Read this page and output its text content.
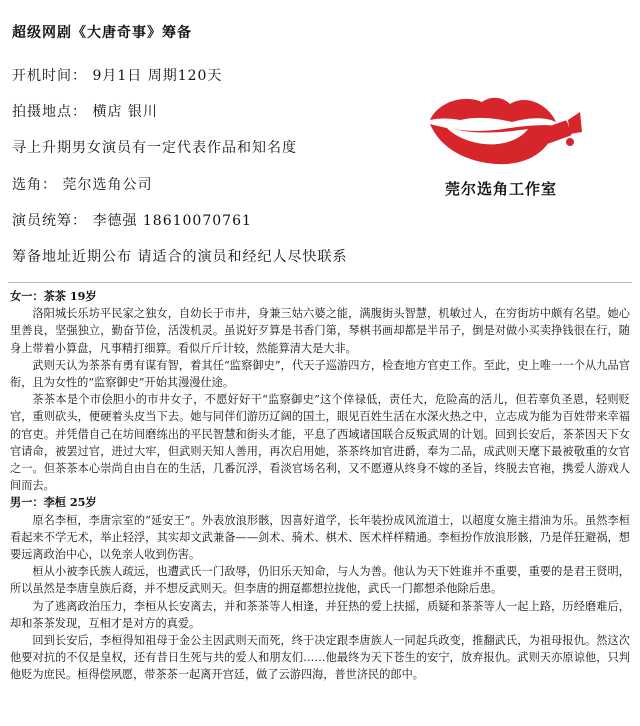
超级网剧《大唐奇事》筹备
开机时间： 9月1日 周期120天
拍摄地点： 横店 银川
寻上升期男女演员有一定代表作品和知名度
选角： 莞尔选角公司
演员统筹： 李德强 18610070761
筹备地址近期公布 请适合的演员和经纪人尽快联系
莞尔选角工作室
女一：茶茶 19岁

洛阳城长乐坊平民家之独女，自幼长于市井，身兼三姑六婆之能，满腹街头智慧，机敏过人，在穷街坊中颇有名望。她心里善良，坚强独立，勤奋节俭，活泼机灵。虽说好歹算是书香门第，琴棋书画却都是半吊子，倒是对做小买卖挣钱很在行，随身上带着小算盘，凡事精打细算。看似斤斤计较，然能算清大是大非。

武则天认为茶茶有勇有谋有智，着其任“监察御史”，代天子巡游四方，检查地方官吏工作。至此，史上唯一一个从九品官衔，且为女性的“监察御史”开始其漫漫仕途。

茶茶本是个市侩胆小的市井女子，不愿好好干“监察御史”这个倖禄低，责任大，危险高的活儿，但若辜负圣恩，轻则贬官，重则砍头，便硬着头皮当下去。她与同伴们游历辽阔的国土，眼见百姓生活在水深火热之中，立志成为能为百姓带来幸福的官吏。并凭借自己在坊间磨练出的平民智慧和街头才能，平息了西域诸国联合反叛武周的计划。回到长安后，茶茶因天下女官请命，被罢过官，进过大牢，但武则天知人善用，再次启用她，茶茶终加官进爵，奉为二品，成武则天麾下最被敬重的女官之一。但茶茶本心崇尚自由自在的生活，几番沉浮，看淡官场名利，又不愿遵从终身不嫁的圣旨，终脱去官袍，携爱人游戏人间而去。

男一：李桓 25岁

原名李桓，李唐宗室的“延安王”。外表放浪形骸，因喜好道学，长年装扮成风流道士，以超度女施主措油为乐。虽然李桓看起来不学无术，举止轻浮，其实却文武兼备——剑术、骑术、棋术、医术样样精通。李桓扮作放浪形骸，乃是佯狂避祸，想要远离政治中心，以免亲人收到伤害。

桓从小被李氏族人疏远，也遭武氏一门敌辱，仍旧乐天知命，与人为善。他认为天下姓谁并不重要，重要的是君王贤明，所以虽然是李唐皇族后裔，并不想反武则天。但李唐的拥趸都想拉拢他，武氏一门都想杀他除后患。

为了逃离政治压力，李桓从长安离去，并和茶茶等人相逢，并狂热的爱上扶摇，质疑和茶茶等人一起上路，历经磨难后，却和茶茶发现，互相才是对方的真爱。

回到长安后，李桓得知祖母于金公主因武则天而死，终于决定跟李唐族人一同起兵政变，推翻武氏，为祖母报仇。然这次他要对抗的不仅是皇权，还有昔日生死与共的爱人和朋友们……他最终为天下苍生的安宁，放弃报仇。武则天亦原谅他，只判他贬为庶民。桓得偿夙愿，带茶茶一起离开宫廷，做了云游四海，普世济民的郎中。
